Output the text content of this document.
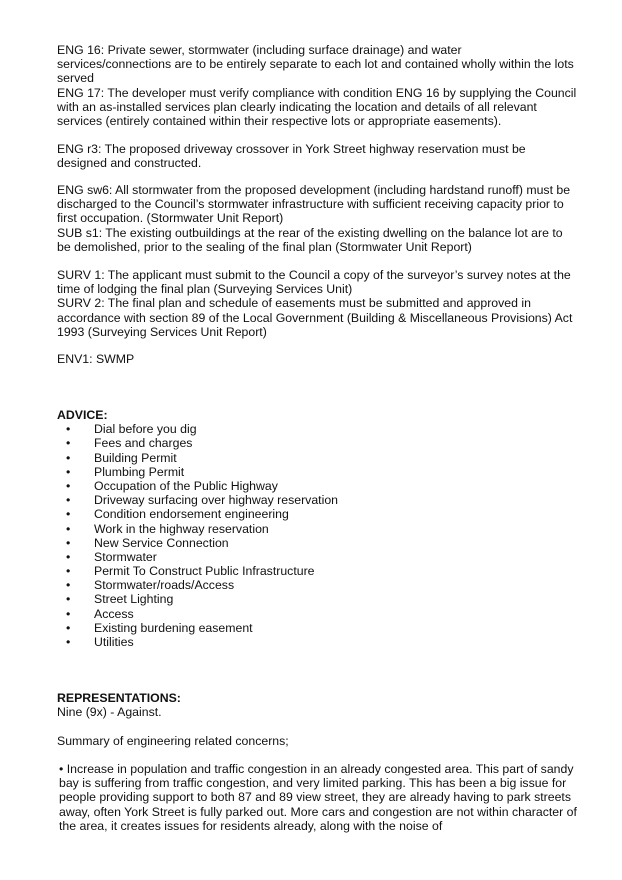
ENG 16: Private sewer, stormwater (including surface drainage) and water services/connections are to be entirely separate to each lot and contained wholly within the lots served

ENG 17: The developer must verify compliance with condition ENG 16 by supplying the Council with an as-installed services plan clearly indicating the location and details of all relevant services (entirely contained within their respective lots or appropriate easements).

ENG r3: The proposed driveway crossover in York Street highway reservation must be designed and constructed.

ENG sw6: All stormwater from the proposed development (including hardstand runoff) must be discharged to the Council’s stormwater infrastructure with sufficient receiving capacity prior to first occupation. (Stormwater Unit Report)

SUB s1: The existing outbuildings at the rear of the existing dwelling on the balance lot are to be demolished, prior to the sealing of the final plan (Stormwater Unit Report)

SURV 1: The applicant must submit to the Council a copy of the surveyor’s survey notes at the time of lodging the final plan (Surveying Services Unit)

SURV 2: The final plan and schedule of easements must be submitted and approved in accordance with section 89 of the Local Government (Building & Miscellaneous Provisions) Act 1993 (Surveying Services Unit Report)

ENV1: SWMP

ADVICE:

• Dial before you dig
• Fees and charges
• Building Permit
• Plumbing Permit
• Occupation of the Public Highway
• Driveway surfacing over highway reservation
• Condition endorsement engineering
• Work in the highway reservation
• New Service Connection
• Stormwater
• Permit To Construct Public Infrastructure
• Stormwater/roads/Access
• Street Lighting
• Access
• Existing burdening easement
• Utilities

REPRESENTATIONS:

Nine (9x) - Against.

Summary of engineering related concerns;

• Increase in population and traffic congestion in an already congested area. This part of sandy bay is suffering from traffic congestion, and very limited parking. This has been a big issue for people providing support to both 87 and 89 view street, they are already having to park streets away, often York Street is fully parked out. More cars and congestion are not within character of the area, it creates issues for residents already, along with the noise of
